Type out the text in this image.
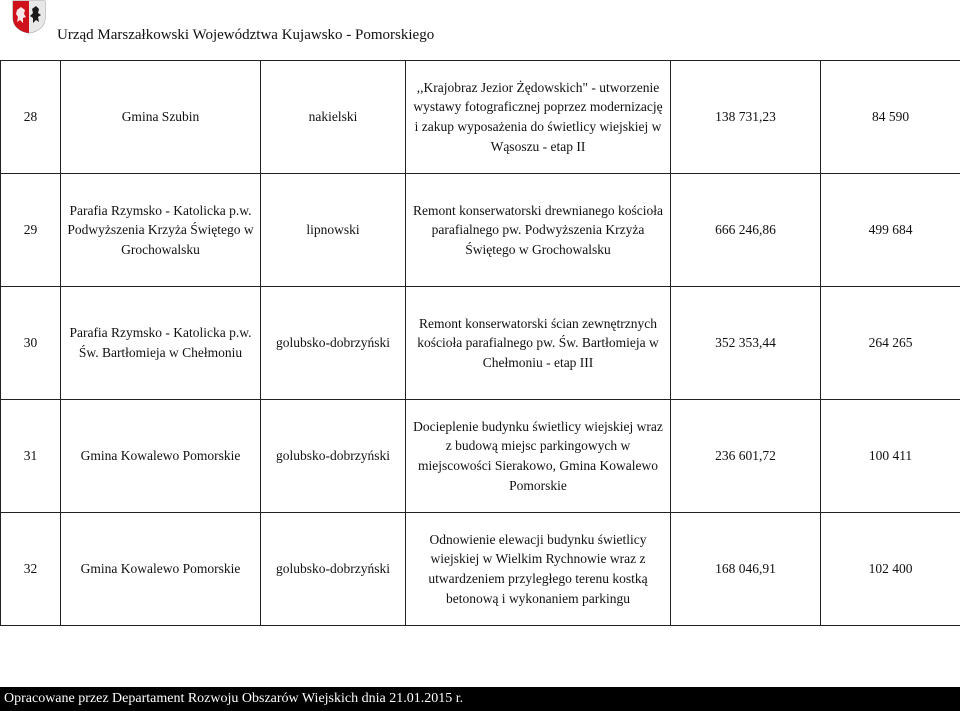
Urząd Marszałkowski Województwa Kujawsko - Pomorskiego
28	Gmina Szubin	nakielski	,,Krajobraz Jezior Żędowskich" - utworzenie wystawy fotograficznej poprzez modernizację i zakup wyposażenia do świetlicy wiejskiej w Wąsoszu - etap II	138 731,23	84 590
29	Parafia Rzymsko - Katolicka p.w. Podwyższenia Krzyża Świętego w Grochowalsku	lipnowski	Remont konserwatorski drewnianego kościoła parafialnego pw. Podwyższenia Krzyża Świętego w Grochowalsku	666 246,86	499 684
30	Parafia Rzymsko - Katolicka p.w. Św. Bartłomieja w Chełmoniu	golubsko-dobrzyński	Remont konserwatorski ścian zewnętrznych kościoła parafialnego pw. Św. Bartłomieja w Chełmoniu - etap III	352 353,44	264 265
31	Gmina Kowalewo Pomorskie	golubsko-dobrzyński	Docieplenie budynku świetlicy wiejskiej wraz z budową miejsc parkingowych w miejscowości Sierakowo, Gmina Kowalewo Pomorskie	236 601,72	100 411
32	Gmina Kowalewo Pomorskie	golubsko-dobrzyński	Odnowienie elewacji budynku świetlicy wiejskiej w Wielkim Rychnowie wraz z utwardzeniem przyległego terenu kostką betonową i wykonaniem parkingu	168 046,91	102 400
Opracowane przez Departament Rozwoju Obszarów Wiejskich dnia 21.01.2015 r.
